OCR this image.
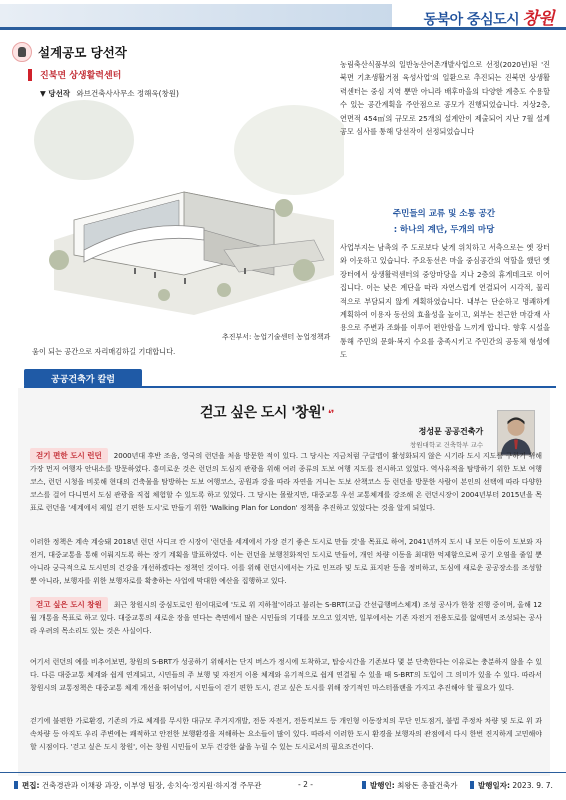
동북아 중심도시 창원
설계공모 당선작
진북면 상생활력센터
▼ 당선작 와브건축사사무소 정해욱(창원)
추진부서: 농업기술센터 농업정책과
농림축산식품부의 일반농산어촌개발사업으로 선정(2020년)된 '진북면 기초생활거점 육성사업'의 일환으로 추진되는 진북면 상생활력센터는 중심 지역 뿐만 아니라 배후마을의 다양한 계층도 수용할 수 있는 공간계획을 주안점으로 공모가 진행되었습니다. 지상2층, 연면적 454㎡의 규모로 25개의 설계안이 제출되어 지난 7월 설계공모 심사를 통해 당선작이 선정되었습니다
주민들의 교류 및 소통 공간
: 하나의 계단, 두개의 마당
사업부지는 남촉의 주 도로보다 낮게 위치하고 서측으로는 옛 장터와 이웃하고 있습니다. 주요동선은 마을 중심공간의 역할을 했던 옛 장터에서 상생활력센터의 중앙마당을 지나 2층의 휴게데크로 이어집니다. 이는 낮은 계단을 따라 자연스럽게 연결되어 시각적, 물리적으로 부담되지 않게 계획하였습니다. 내부는 단순하고 명쾌하게 계획하여 이용자 동선의 효율성을 높이고, 외부는 친근한 마감재 사용으로 주변과 조화를 이루어 편안함을 느끼게 합니다. 향후 시설을 통해 주민의 문화·복지 수요를 충족시키고 주민간의 공동체 형성에 도
움이 되는 공간으로 자리매김하길 기대합니다.
공공건축가 칼럼
걷고 싶은 도시 '창원' ❛❜
정성문 공공건축가
창원대학교 건축학부 교수
걷기 편한 도시 런던 2000년대 후반 조음, 영국의 런던을 처음 방문한 적이 있다. 그 당시는 지금처럼 구글맵이 활성화되지 않은 시기라 도시 지도를 구하기 위해 가장 먼저 여행자 안내소를 방문하였다. 흥미로운 것은 런던의 도심지 관광을 위해 여러 종류의 도보 여행 지도를 전시하고 있었다. 역사유적을 탐방하기 위한 도보 여행코스, 런던 시청을 비롯해 현대의 건축물을 탐방하는 도보 여행코스, 공원과 강을 따라 자연을 거니는 도보 산책코스 등 런던을 방문한 사람이 본인의 선택에 따라 다양한 코스를 걸어 다니면서 도심 관광을 직접 체험할 수 있도록 하고 있었다. 그 당시는 몰랐지만, 대중교통 우선 교통체계를 강조해 온 런던시장이 2004년부터 2015년을 목표로 런던을 '세계에서 제일 걷기 편한 도시'로 만들기 위한 'Walking Plan for London' 정책을 추진하고 있었다는 것을 알게 되었다.
이러한 정책은 계속 계승돼 2018년 런던 사디크 칸 시장이 '런던을 세계에서 가장 걷기 좋은 도시로 만들 것'을 목표로 하여, 2041년까지 도시 내 모든 이동이 도보와 자전거, 대중교통을 통해 이뤄지도록 하는 장기 계획을 발표하였다. 이는 런던을 보행친화적인 도시로 만들어, 개인 차량 이동을 최대한 억제함으로써 공기 오염을 줄일 뿐 아니라 궁극적으로 도시민의 건강을 개선하겠다는 정책인 것이다. 이를 위해 런던시에서는 가로 인프라 및 도로 표지판 등을 정비하고, 도심에 새로운 공공장소를 조성할 뿐 아니라, 보행자를 위한 보행자로를 확충하는 사업에 막대한 예산을 집행하고 있다.
걷고 싶은 도시 창원 최근 창원시의 중심도로인 원이대로에 '도로 위 지하철'이라고 불리는 S-BRT(고급 간선급행버스체계) 조성 공사가 한창 진행 중이며, 올해 12월 개통을 목표로 하고 있다. 대중교통의 새로운 장을 연다는 측면에서 많은 시민들의 기대를 모으고 있지만, 일부에서는 기존 자전거 전용도로를 없애면서 조성되는 공사라 우려의 목소리도 있는 것은 사실이다.
여기서 런던의 예를 비추어보면, 창원의 S-BRT가 성공하기 위해서는 단지 버스가 정시에 도착하고, 탑승시간을 기존보다 몇 분 단축한다는 이유로는 충분하지 않을 수 있다. 다른 대중교통 체계와 쉽게 연계되고, 시민들의 주 보행 및 자전거 이용 체계와 유기적으로 쉽게 연결될 수 있을 때 S-BRT의 도입이 그 의미가 있을 수 있다. 따라서 창원시의 교통정책은 대중교통 체계 개선을 뛰어넘어, 시민들이 걷기 편한 도시, 걷고 싶은 도시를 위해 장기적인 마스터플랜을 가지고 추진해야 할 필요가 있다.
걷기에 불편한 가로환경, 기존의 가로 체계를 무시한 대규모 주거지개발, 전동 자전거, 전동킥보드 등 개인형 이동장치의 무단 인도점거, 불법 주정차 차량 및 도로 위 과속차량 등 아직도 우리 주변에는 쾌적하고 안전한 보행환경을 저해하는 요소들이 많이 있다. 따라서 이러한 도시 환경을 보행자의 관점에서 다시 한번 진지하게 고민해야 할 시점이다. '걷고 싶은 도시 창원', 이는 창원 시민들이 모두 건강한 삶을 누릴 수 있는 도시로서의 필요조건이다.
편집: 건축경관과 이채광 과장, 이부영 팀장, 송치숙·정지원·하지경 주무관	- 2 -	발행인: 최왕돈 총괄건축가	발행일자: 2023. 9. 7.
